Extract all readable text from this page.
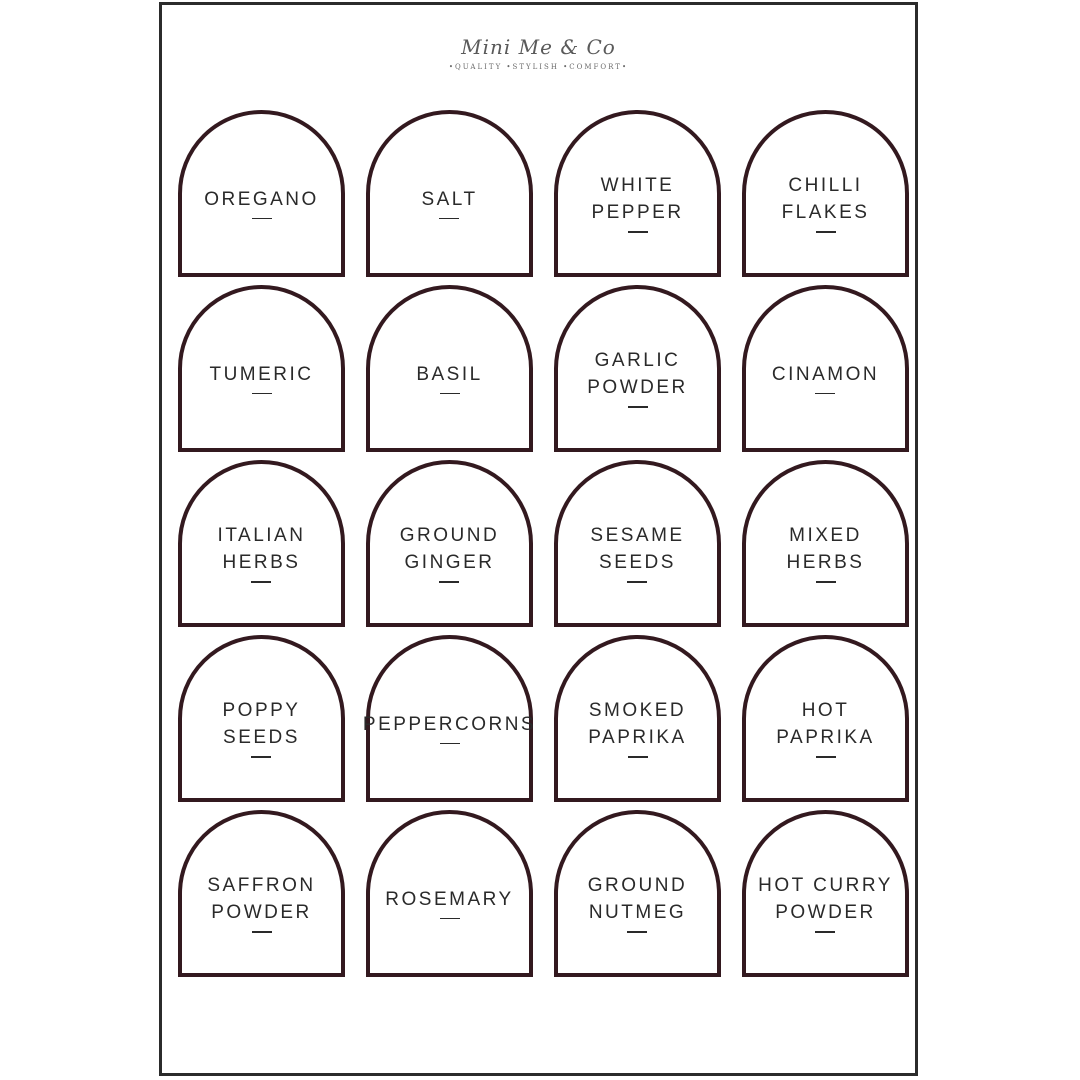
Mini Me & Co
•QUALITY •STYLISH •COMFORT•
OREGANO	SALT
WHITE
PEPPER
CHILLI
FLAKES
TUMERIC	BASIL
GARLIC
POWDER
CINAMON
ITALIAN
HERBS
GROUND
GINGER
SESAME
SEEDS
MIXED
HERBS
POPPY
SEEDS
PEPPERCORNS
SMOKED
PAPRIKA
HOT
PAPRIKA
SAFFRON
POWDER
ROSEMARY
GROUND
NUTMEG
HOT CURRY
POWDER
